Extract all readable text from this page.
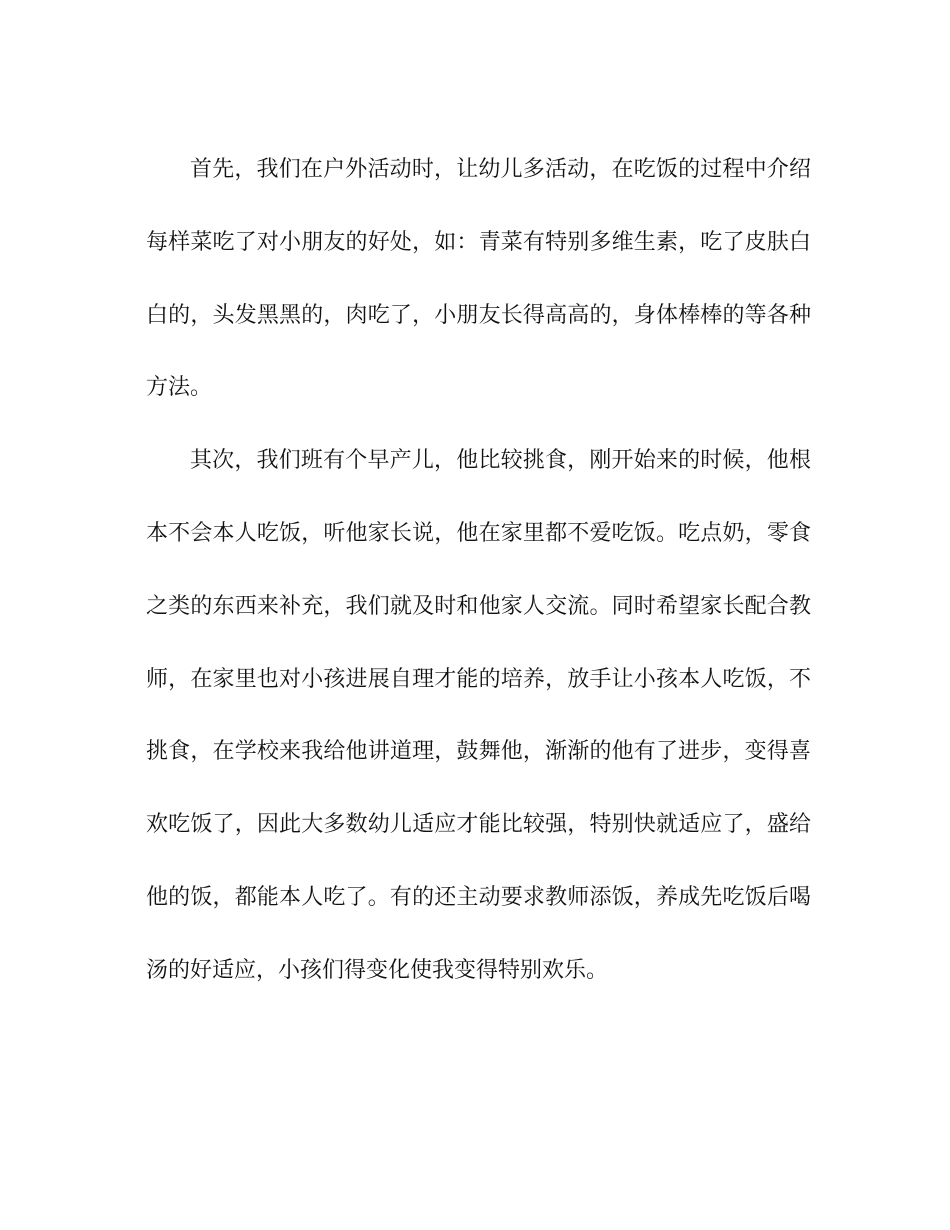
首先，我们在户外活动时，让幼儿多活动，在吃饭的过程中介绍每样菜吃了对小朋友的好处，如：青菜有特别多维生素，吃了皮肤白白的，头发黑黑的，肉吃了，小朋友长得高高的，身体棒棒的等各种方法。

其次，我们班有个早产儿，他比较挑食，刚开始来的时候，他根本不会本人吃饭，听他家长说，他在家里都不爱吃饭。吃点奶，零食之类的东西来补充，我们就及时和他家人交流。同时希望家长配合教师，在家里也对小孩进展自理才能的培养，放手让小孩本人吃饭，不挑食，在学校来我给他讲道理，鼓舞他，渐渐的他有了进步，变得喜欢吃饭了，因此大多数幼儿适应才能比较强，特别快就适应了，盛给他的饭，都能本人吃了。有的还主动要求教师添饭，养成先吃饭后喝汤的好适应，小孩们得变化使我变得特别欢乐。
